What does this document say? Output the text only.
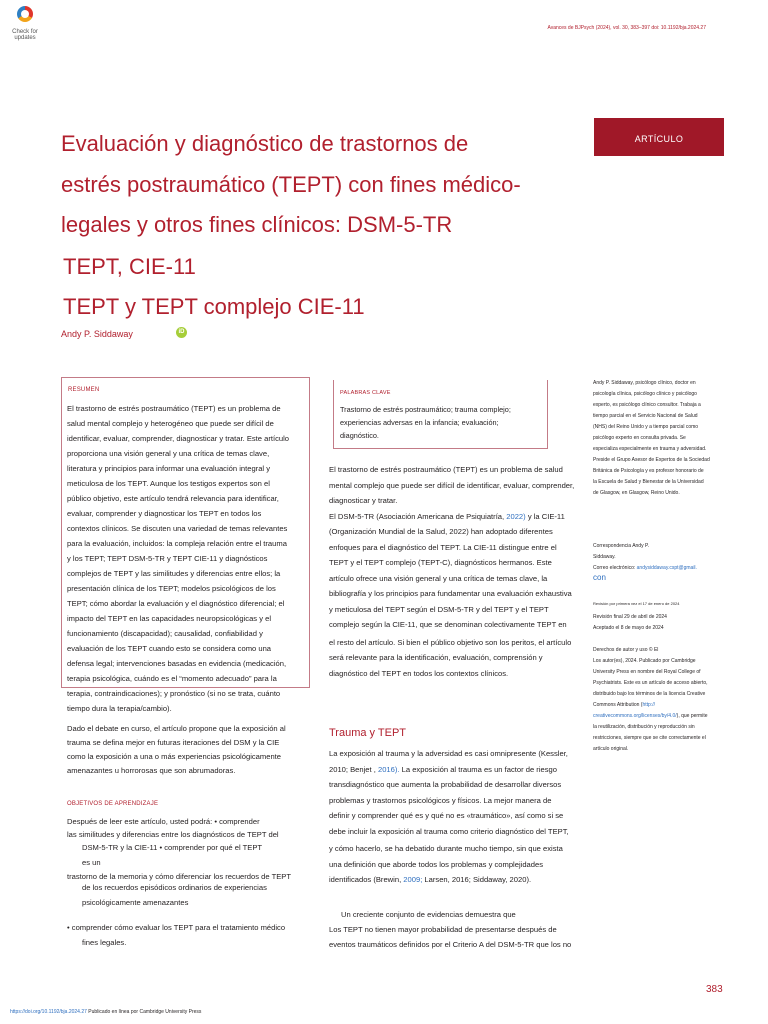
Check for
updates
Avances de BJPsych (2024), vol. 30, 383–397 doi: 10.1192/bja.2024.27
ARTÍCULO
Evaluación y diagnóstico de trastornos de
estrés postraumático (TEPT) con fines médico-
legales y otros fines clínicos: DSM-5-TR
TEPT, CIE-11
TEPT y TEPT complejo CIE-11
Andy P. Siddaway	iD
RESUMEN
El trastorno de estrés postraumático (TEPT) es un problema de
salud mental complejo y heterogéneo que puede ser difícil de
identificar, evaluar, comprender, diagnosticar y tratar. Este artículo
proporciona una visión general y una crítica de temas clave,
literatura y principios para informar una evaluación integral y
meticulosa de los TEPT. Aunque los testigos expertos son el
público objetivo, este artículo tendrá relevancia para identificar,
evaluar, comprender y diagnosticar los TEPT en todos los
contextos clínicos. Se discuten una variedad de temas relevantes
para la evaluación, incluidos: la compleja relación entre el trauma
y los TEPT; TEPT DSM-5-TR y TEPT CIE-11 y diagnósticos
complejos de TEPT y las similitudes y diferencias entre ellos; la
presentación clínica de los TEPT; modelos psicológicos de los
TEPT; cómo abordar la evaluación y el diagnóstico diferencial; el
impacto del TEPT en las capacidades neuropsicológicas y el
funcionamiento (discapacidad); causalidad, confiabilidad y
evaluación de los TEPT cuando esto se considera como una
defensa legal; intervenciones basadas en evidencia (medicación,
terapia psicológica, cuándo es el “momento adecuado” para la
terapia, contraindicaciones); y pronóstico (si no se trata, cuánto
tiempo dura la terapia/cambio).
Dado el debate en curso, el artículo propone que la exposición al
trauma se defina mejor en futuras iteraciones del DSM y la CIE
como la exposición a una o más experiencias psicológicamente
amenazantes u horrorosas que son abrumadoras.
OBJETIVOS DE APRENDIZAJE
Después de leer este artículo, usted podrá: • comprender
las similitudes y diferencias entre los diagnósticos de TEPT del
DSM-5-TR y la CIE-11 • comprender por qué el TEPT
es un
trastorno de la memoria y cómo diferenciar los recuerdos de TEPT
de los recuerdos episódicos ordinarios de experiencias
psicológicamente amenazantes
• comprender cómo evaluar los TEPT para el tratamiento médico
fines legales.
PALABRAS CLAVE
Trastorno de estrés postraumático; trauma complejo;
experiencias adversas en la infancia; evaluación;
diagnóstico.
El trastorno de estrés postraumático (TEPT) es un problema de salud
mental complejo que puede ser difícil de identificar, evaluar, comprender,
diagnosticar y tratar.
El DSM-5-TR (Asociación Americana de Psiquiatría, 2022) y la CIE-11
(Organización Mundial de la Salud, 2022) han adoptado diferentes
enfoques para el diagnóstico del TEPT. La CIE-11 distingue entre el
TEPT y el TEPT complejo (TEPT-C), diagnósticos hermanos. Este
artículo ofrece una visión general y una crítica de temas clave, la
bibliografía y los principios para fundamentar una evaluación exhaustiva
y meticulosa del TEPT según el DSM-5-TR y del TEPT y el TEPT
complejo según la CIE-11, que se denominan colectivamente TEPT en
el resto del artículo. Si bien el público objetivo son los peritos, el artículo
será relevante para la identificación, evaluación, comprensión y
diagnóstico del TEPT en todos los contextos clínicos.
Trauma y TEPT
La exposición al trauma y la adversidad es casi omnipresente (Kessler,
2010; Benjet , 2016). La exposición al trauma es un factor de riesgo
transdiagnóstico que aumenta la probabilidad de desarrollar diversos
problemas y trastornos psicológicos y físicos. La mejor manera de
definir y comprender qué es y qué no es «traumático», así como si se
debe incluir la exposición al trauma como criterio diagnóstico del TEPT,
y cómo hacerlo, se ha debatido durante mucho tiempo, sin que exista
una definición que aborde todos los problemas y complejidades
identificados (Brewin, 2009; Larsen, 2016; Siddaway, 2020).
Un creciente conjunto de evidencias demuestra que
Los TEPT no tienen mayor probabilidad de presentarse después de
eventos traumáticos definidos por el Criterio A del DSM-5-TR que los no
Andy P. Siddaway, psicólogo clínico, doctor en
psicología clínica, psicólogo clínico y psicólogo
experto, es psicólogo clínico consultor. Trabaja a
tiempo parcial en el Servicio Nacional de Salud
(NHS) del Reino Unido y a tiempo parcial como
psicólogo experto en consulta privada. Se
especializa especialmente en trauma y adversidad.
Preside el Grupo Asesor de Expertos de la Sociedad
Británica de Psicología y es profesor honorario de
la Escuela de Salud y Bienestar de la Universidad
de Glasgow, en Glasgow, Reino Unido.
Correspondencia Andy P.
Siddaway.
Correo electrónico: andysiddaway.cspt@gmail.
con
Revisión por primera vez el 17 de enero de 2024
Revisión final 29 de abril de 2024
Aceptado el 8 de mayo de 2024
Derechos de autor y uso © El
Los autor(es), 2024. Publicado por Cambridge
University Press en nombre del Royal College of
Psychiatrists. Este es un artículo de acceso abierto,
distribuido bajo los términos de la licencia Creative
Commons Attribution (http://
creativecommons.org/licenses/by/4.0/), que permite
la reutilización, distribución y reproducción sin
restricciones, siempre que se cite correctamente el
artículo original.
https://doi.org/10.1192/bja.2024.27 Publicado en línea por Cambridge University Press
383
